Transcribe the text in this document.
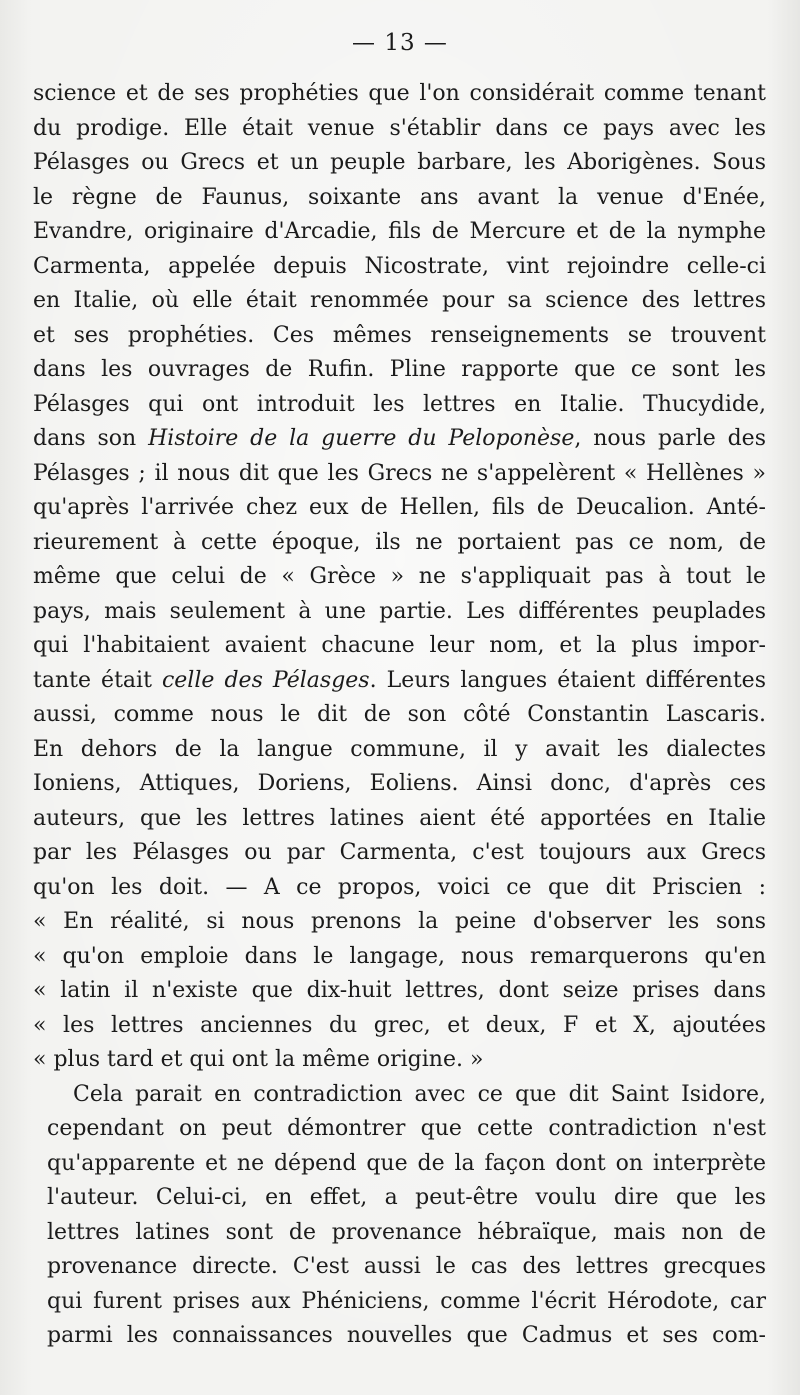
— 13 —
science et de ses prophéties que l'on considérait comme tenant
du prodige. Elle était venue s'établir dans ce pays avec les
Pélasges ou Grecs et un peuple barbare, les Aborigènes. Sous
le règne de Faunus, soixante ans avant la venue d'Enée,
Evandre, originaire d'Arcadie, fils de Mercure et de la nymphe
Carmenta, appelée depuis Nicostrate, vint rejoindre celle-ci
en Italie, où elle était renommée pour sa science des lettres
et ses prophéties. Ces mêmes renseignements se trouvent
dans les ouvrages de Rufin. Pline rapporte que ce sont les
Pélasges qui ont introduit les lettres en Italie. Thucydide,
dans son Histoire de la guerre du Peloponèse, nous parle des
Pélasges ; il nous dit que les Grecs ne s'appelèrent « Hellènes »
qu'après l'arrivée chez eux de Hellen, fils de Deucalion. Anté-
rieurement à cette époque, ils ne portaient pas ce nom, de
même que celui de « Grèce » ne s'appliquait pas à tout le
pays, mais seulement à une partie. Les différentes peuplades
qui l'habitaient avaient chacune leur nom, et la plus impor-
tante était celle des Pélasges. Leurs langues étaient différentes
aussi, comme nous le dit de son côté Constantin Lascaris.
En dehors de la langue commune, il y avait les dialectes
Ioniens, Attiques, Doriens, Eoliens. Ainsi donc, d'après ces
auteurs, que les lettres latines aient été apportées en Italie
par les Pélasges ou par Carmenta, c'est toujours aux Grecs
qu'on les doit. — A ce propos, voici ce que dit Priscien :
« En réalité, si nous prenons la peine d'observer les sons
« qu'on emploie dans le langage, nous remarquerons qu'en
« latin il n'existe que dix-huit lettres, dont seize prises dans
« les lettres anciennes du grec, et deux, F et X, ajoutées
« plus tard et qui ont la même origine. »
Cela parait en contradiction avec ce que dit Saint Isidore,
cependant on peut démontrer que cette contradiction n'est
qu'apparente et ne dépend que de la façon dont on interprète
l'auteur. Celui-ci, en effet, a peut-être voulu dire que les
lettres latines sont de provenance hébraïque, mais non de
provenance directe. C'est aussi le cas des lettres grecques
qui furent prises aux Phéniciens, comme l'écrit Hérodote, car
parmi les connaissances nouvelles que Cadmus et ses com-
